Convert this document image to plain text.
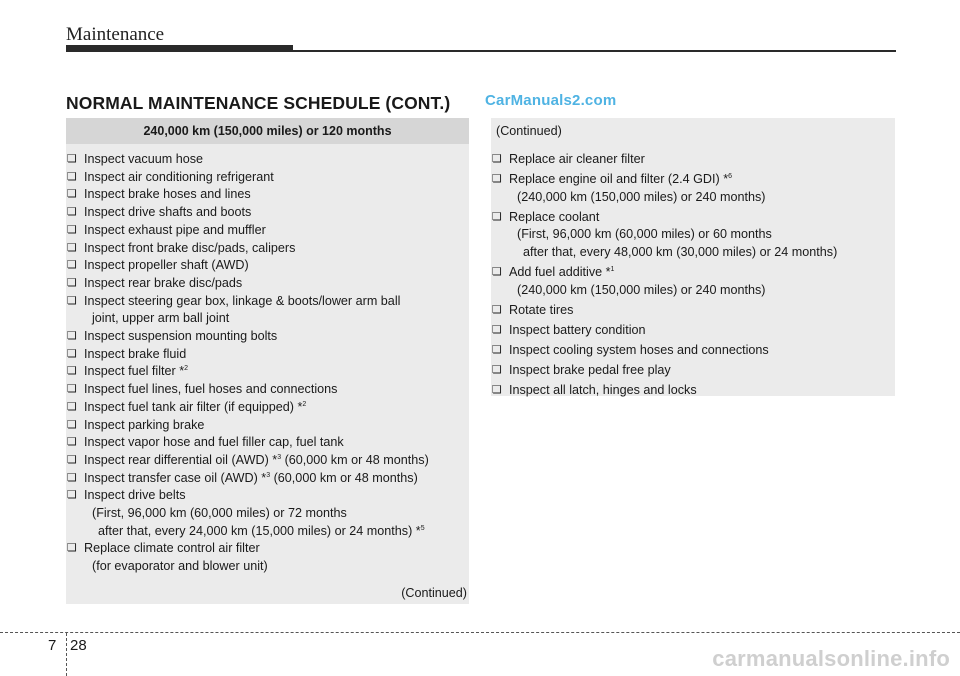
Maintenance
NORMAL MAINTENANCE SCHEDULE (CONT.) CarManuals2.com
240,000 km (150,000 miles) or 120 months
❏ Inspect vacuum hose
❏ Inspect air conditioning refrigerant
❏ Inspect brake hoses and lines
❏ Inspect drive shafts and boots
❏ Inspect exhaust pipe and muffler
❏ Inspect front brake disc/pads, calipers
❏ Inspect propeller shaft (AWD)
❏ Inspect rear brake disc/pads
❏ Inspect steering gear box, linkage & boots/lower arm ball
joint, upper arm ball joint
❏ Inspect suspension mounting bolts
❏ Inspect brake fluid
❏ Inspect fuel filter *$^2$
❏ Inspect fuel lines, fuel hoses and connections
❏ Inspect fuel tank air filter (if equipped) *$^2$
❏ Inspect parking brake
❏ Inspect vapor hose and fuel filler cap, fuel tank
❏ Inspect rear differential oil (AWD) *$^3$ (60,000 km or 48 months)
❏ Inspect transfer case oil (AWD) *$^3$ (60,000 km or 48 months)
❏ Inspect drive belts
(First, 96,000 km (60,000 miles) or 72 months
after that, every 24,000 km (15,000 miles) or 24 months) *$^5$
❏ Replace climate control air filter
(for evaporator and blower unit)
(Continued)
(Continued)
❏ Replace air cleaner filter
❏ Replace engine oil and filter (2.4 GDI) *$^6$
(240,000 km (150,000 miles) or 240 months)
❏ Replace coolant
(First, 96,000 km (60,000 miles) or 60 months
after that, every 48,000 km (30,000 miles) or 24 months)
❏ Add fuel additive *$^1$
(240,000 km (150,000 miles) or 240 months)
❏ Rotate tires
❏ Inspect battery condition
❏ Inspect cooling system hoses and connections
❏ Inspect brake pedal free play
❏ Inspect all latch, hinges and locks
7 28
carmanualsonline.info
